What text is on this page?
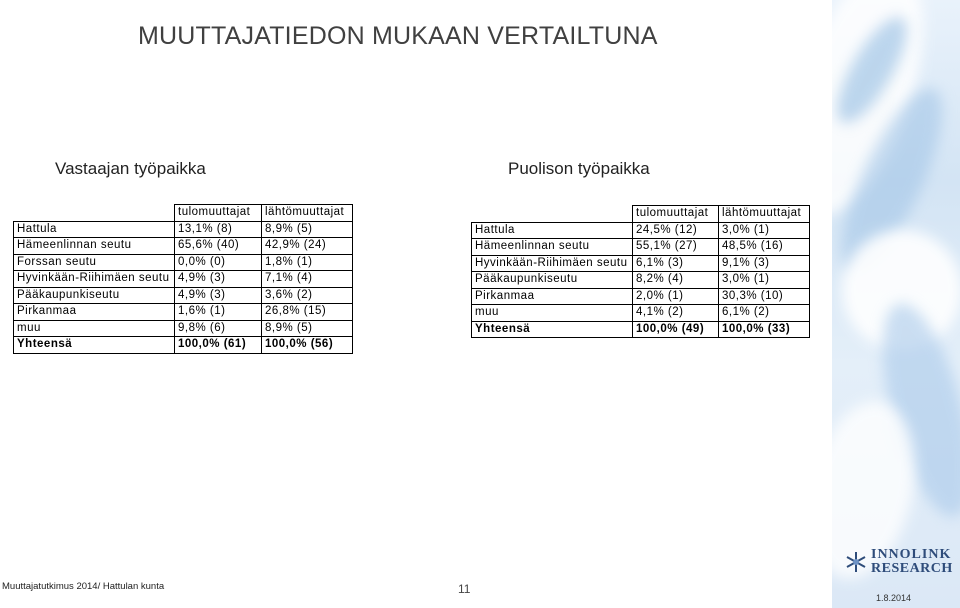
MUUTTAJATIEDON MUKAAN VERTAILTUNA
Vastaajan työpaikka	Puolison työpaikka
	tulomuuttajat	lähtömuuttajat
Hattula	13,1% (8)	8,9% (5)
Hämeenlinnan seutu	65,6% (40)	42,9% (24)
Forssan seutu	0,0% (0)	1,8% (1)
Hyvinkään-Riihimäen seutu	4,9% (3)	7,1% (4)
Pääkaupunkiseutu	4,9% (3)	3,6% (2)
Pirkanmaa	1,6% (1)	26,8% (15)
muu	9,8% (6)	8,9% (5)
Yhteensä	100,0% (61)	100,0% (56)
	tulomuuttajat	lähtömuuttajat
Hattula	24,5% (12)	3,0% (1)
Hämeenlinnan seutu	55,1% (27)	48,5% (16)
Hyvinkään-Riihimäen seutu	6,1% (3)	9,1% (3)
Pääkaupunkiseutu	8,2% (4)	3,0% (1)
Pirkanmaa	2,0% (1)	30,3% (10)
muu	4,1% (2)	6,1% (2)
Yhteensä	100,0% (49)	100,0% (33)
Muuttajatutkimus 2014/ Hattulan kunta	11
1.8.2014
INNOLINK
RESEARCH
